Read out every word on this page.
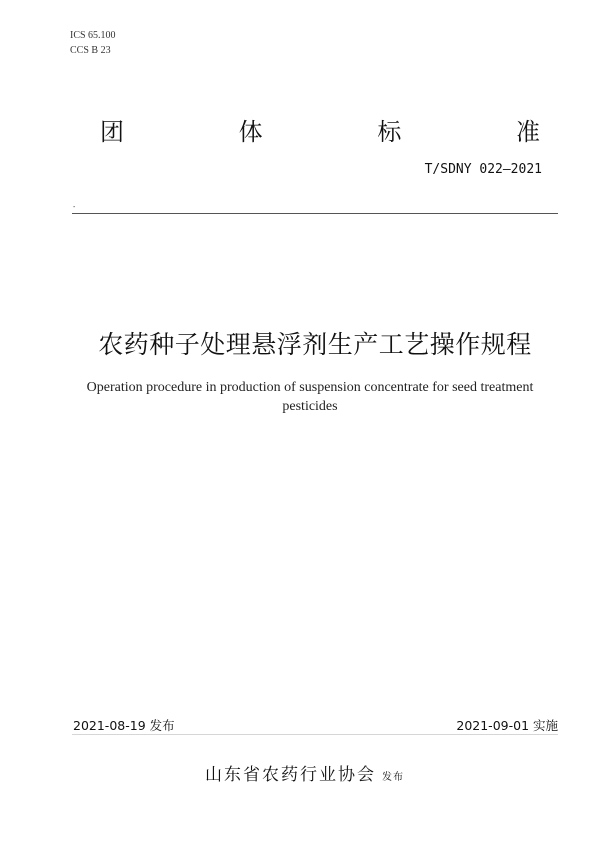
ICS 65.100
CCS B 23
团	体	标	准
T/SDNY 022—2021
-
农药种子处理悬浮剂生产工艺操作规程
Operation procedure in production of suspension concentrate for seed treatment
pesticides
2021-08-19 发布	2021-09-01 实施
山东省农药行业协会 发布
